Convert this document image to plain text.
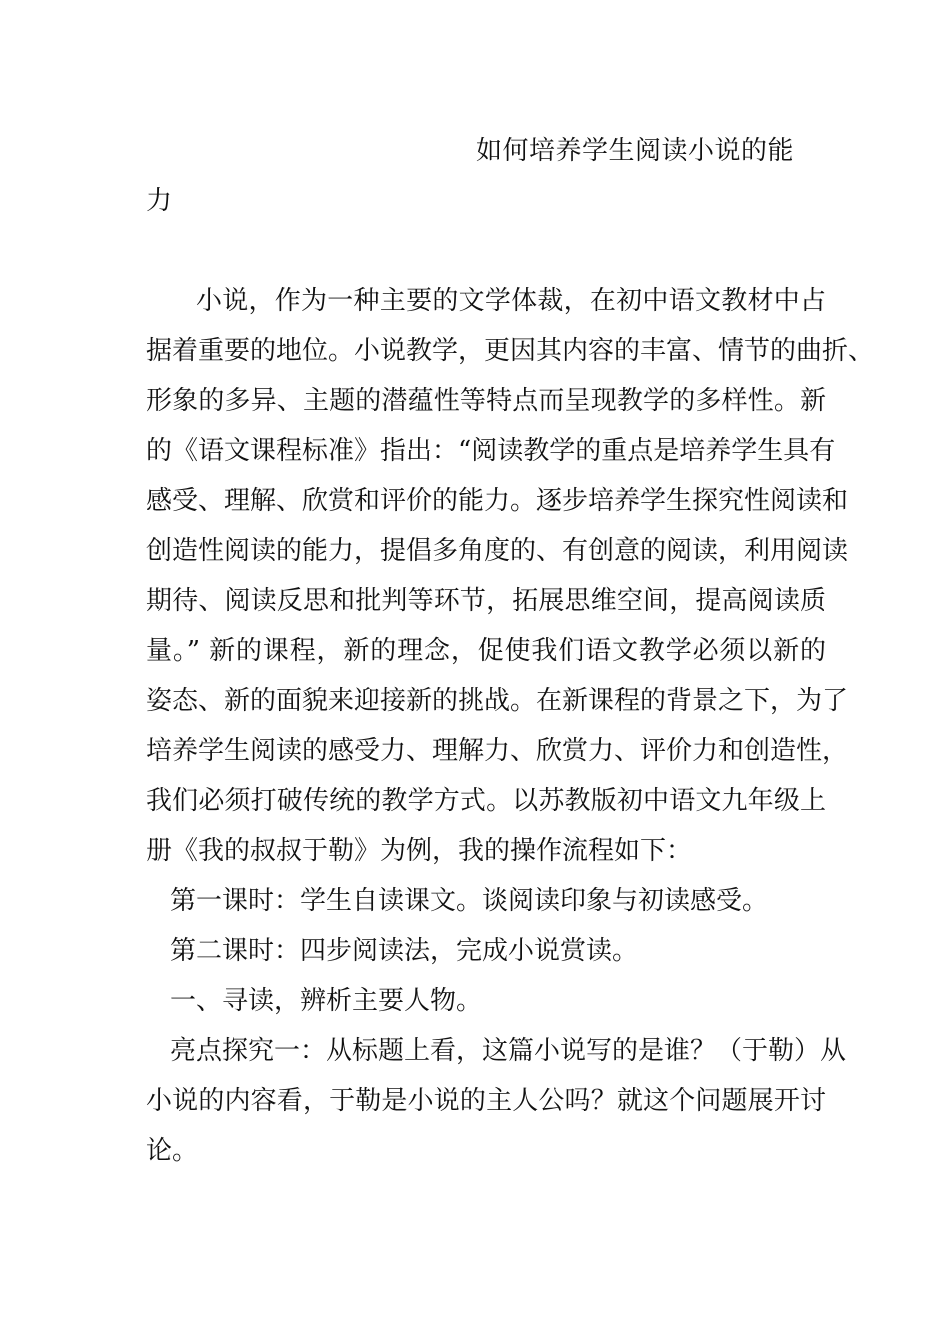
如何培养学生阅读小说的能
力
小说，作为一种主要的文学体裁，在初中语文教材中占
据着重要的地位。小说教学，更因其内容的丰富、情节的曲折、
形象的多异、主题的潜蕴性等特点而呈现教学的多样性。新
的《语文课程标准》指出：“阅读教学的重点是培养学生具有
感受、理解、欣赏和评价的能力。逐步培养学生探究性阅读和
创造性阅读的能力，提倡多角度的、有创意的阅读，利用阅读
期待、阅读反思和批判等环节，拓展思维空间，提高阅读质
量。” 新的课程，新的理念，促使我们语文教学必须以新的
姿态、新的面貌来迎接新的挑战。在新课程的背景之下，为了
培养学生阅读的感受力、理解力、欣赏力、评价力和创造性，
我们必须打破传统的教学方式。以苏教版初中语文九年级上
册《我的叔叔于勒》为例，我的操作流程如下：
第一课时：学生自读课文。谈阅读印象与初读感受。
第二课时：四步阅读法，完成小说赏读。
一、寻读，辨析主要人物。
亮点探究一：从标题上看，这篇小说写的是谁？（于勒）从
小说的内容看，于勒是小说的主人公吗？就这个问题展开讨
论。
